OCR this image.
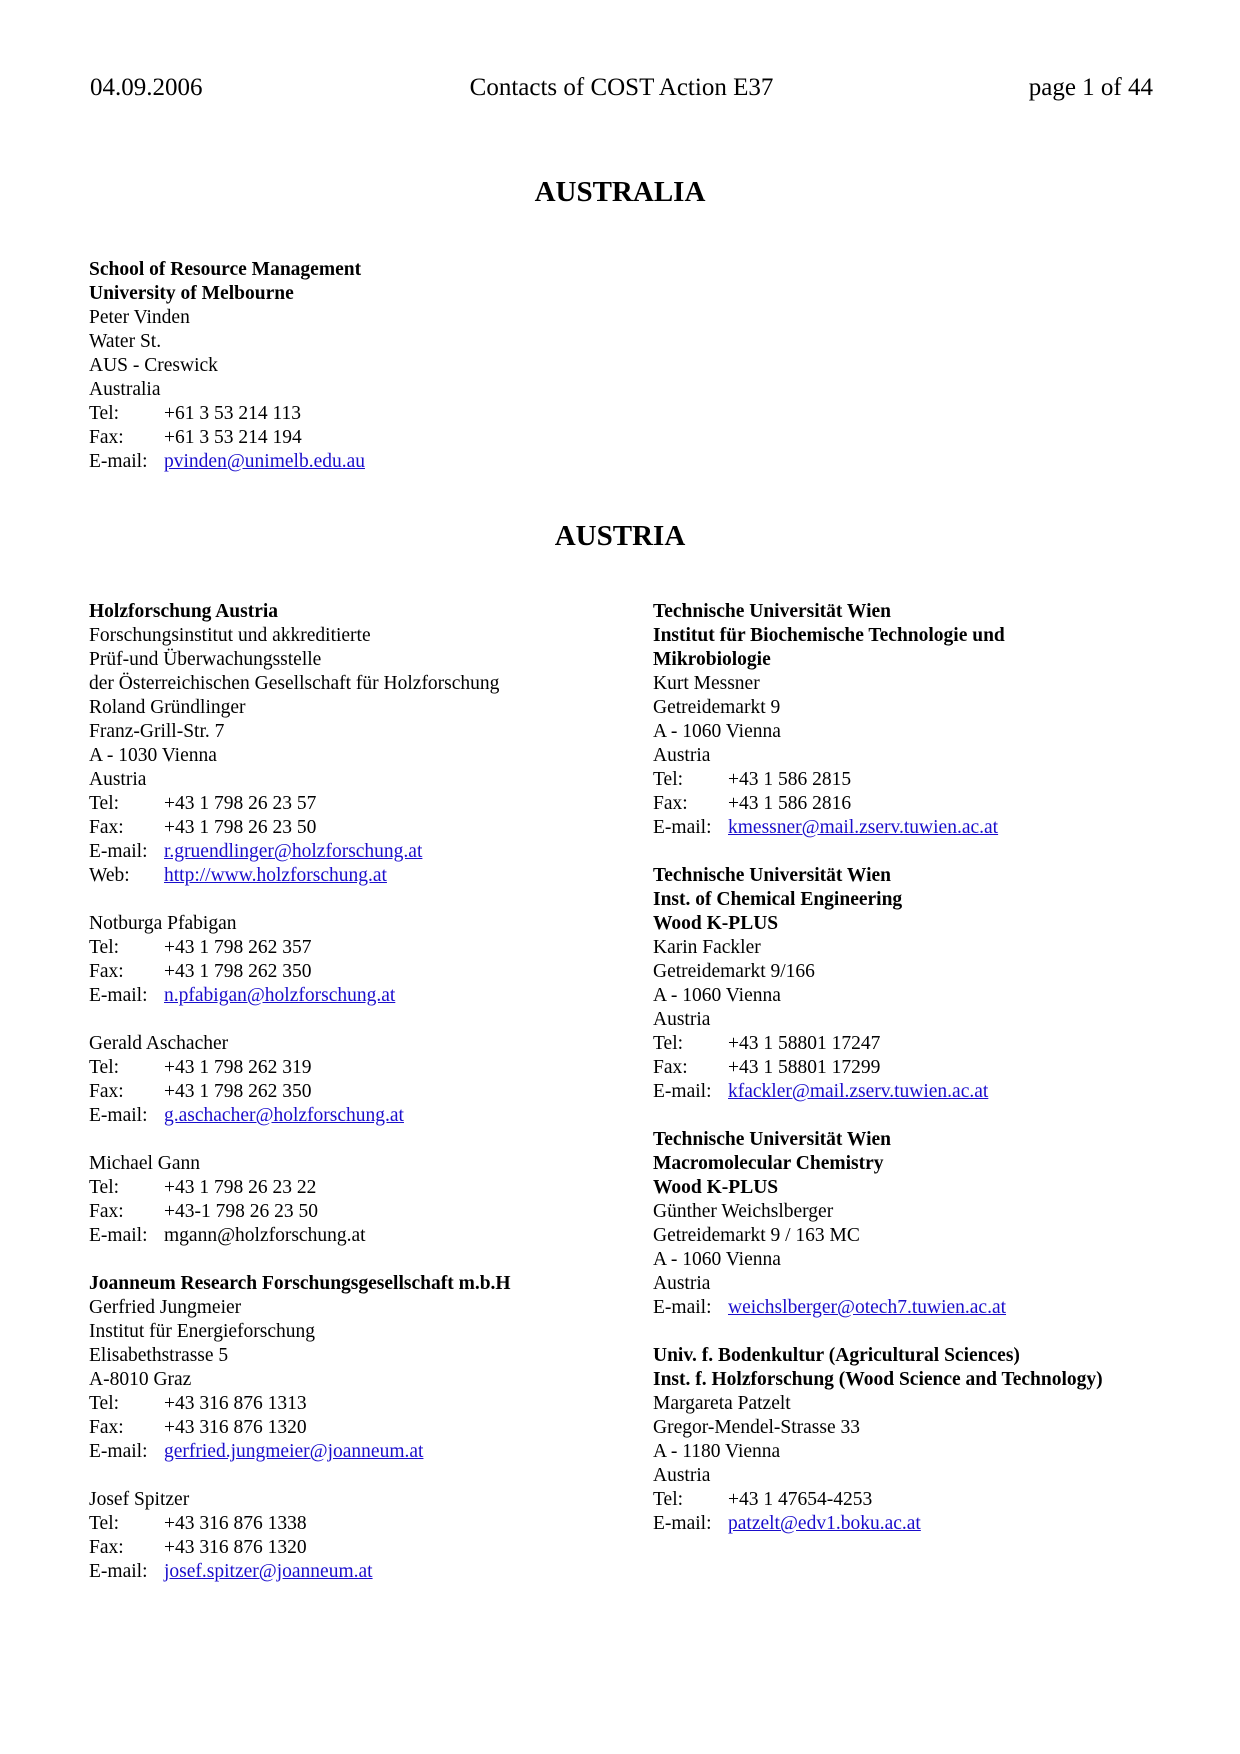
04.09.2006	Contacts of COST Action E37	page 1 of 44
AUSTRALIA
School of Resource Management
University of Melbourne
Peter Vinden
Water St.
AUS - Creswick
Australia
Tel:	+61 3 53 214 113
Fax:	+61 3 53 214 194
E-mail: pvinden@unimelb.edu.au
AUSTRIA
Holzforschung Austria
Forschungsinstitut und akkreditierte
Prüf-und Überwachungsstelle
der Österreichischen Gesellschaft für Holzforschung
Roland Gründlinger
Franz-Grill-Str. 7
A - 1030 Vienna
Austria
Tel:	+43 1 798 26 23 57
Fax:	+43 1 798 26 23 50
E-mail: r.gruendlinger@holzforschung.at
Web:	http://www.holzforschung.at
Notburga Pfabigan
Tel:	+43 1 798 262 357
Fax:	+43 1 798 262 350
E-mail: n.pfabigan@holzforschung.at
Gerald Aschacher
Tel:	+43 1 798 262 319
Fax:	+43 1 798 262 350
E-mail: g.aschacher@holzforschung.at
Michael Gann
Tel:	+43 1 798 26 23 22
Fax:	+43-1 798 26 23 50
E-mail: mgann@holzforschung.at
Joanneum Research Forschungsgesellschaft m.b.H
Gerfried Jungmeier
Institut für Energieforschung
Elisabethstrasse 5
A-8010 Graz
Tel:	+43 316 876 1313
Fax:	+43 316 876 1320
E-mail: gerfried.jungmeier@joanneum.at
Josef Spitzer
Tel:	+43 316 876 1338
Fax:	+43 316 876 1320
E-mail: josef.spitzer@joanneum.at
Technische Universität Wien
Institut für Biochemische Technologie und
Mikrobiologie
Kurt Messner
Getreidemarkt 9
A - 1060 Vienna
Austria
Tel:	+43 1 586 2815
Fax:	+43 1 586 2816
E-mail: kmessner@mail.zserv.tuwien.ac.at
Technische Universität Wien
Inst. of Chemical Engineering
Wood K-PLUS
Karin Fackler
Getreidemarkt 9/166
A - 1060 Vienna
Austria
Tel:	+43 1 58801 17247
Fax:	+43 1 58801 17299
E-mail: kfackler@mail.zserv.tuwien.ac.at
Technische Universität Wien
Macromolecular Chemistry
Wood K-PLUS
Günther Weichslberger
Getreidemarkt 9 / 163 MC
A - 1060 Vienna
Austria
E-mail: weichslberger@otech7.tuwien.ac.at
Univ. f. Bodenkultur (Agricultural Sciences)
Inst. f. Holzforschung (Wood Science and Technology)
Margareta Patzelt
Gregor-Mendel-Strasse 33
A - 1180 Vienna
Austria
Tel:	+43 1 47654-4253
E-mail: patzelt@edv1.boku.ac.at
